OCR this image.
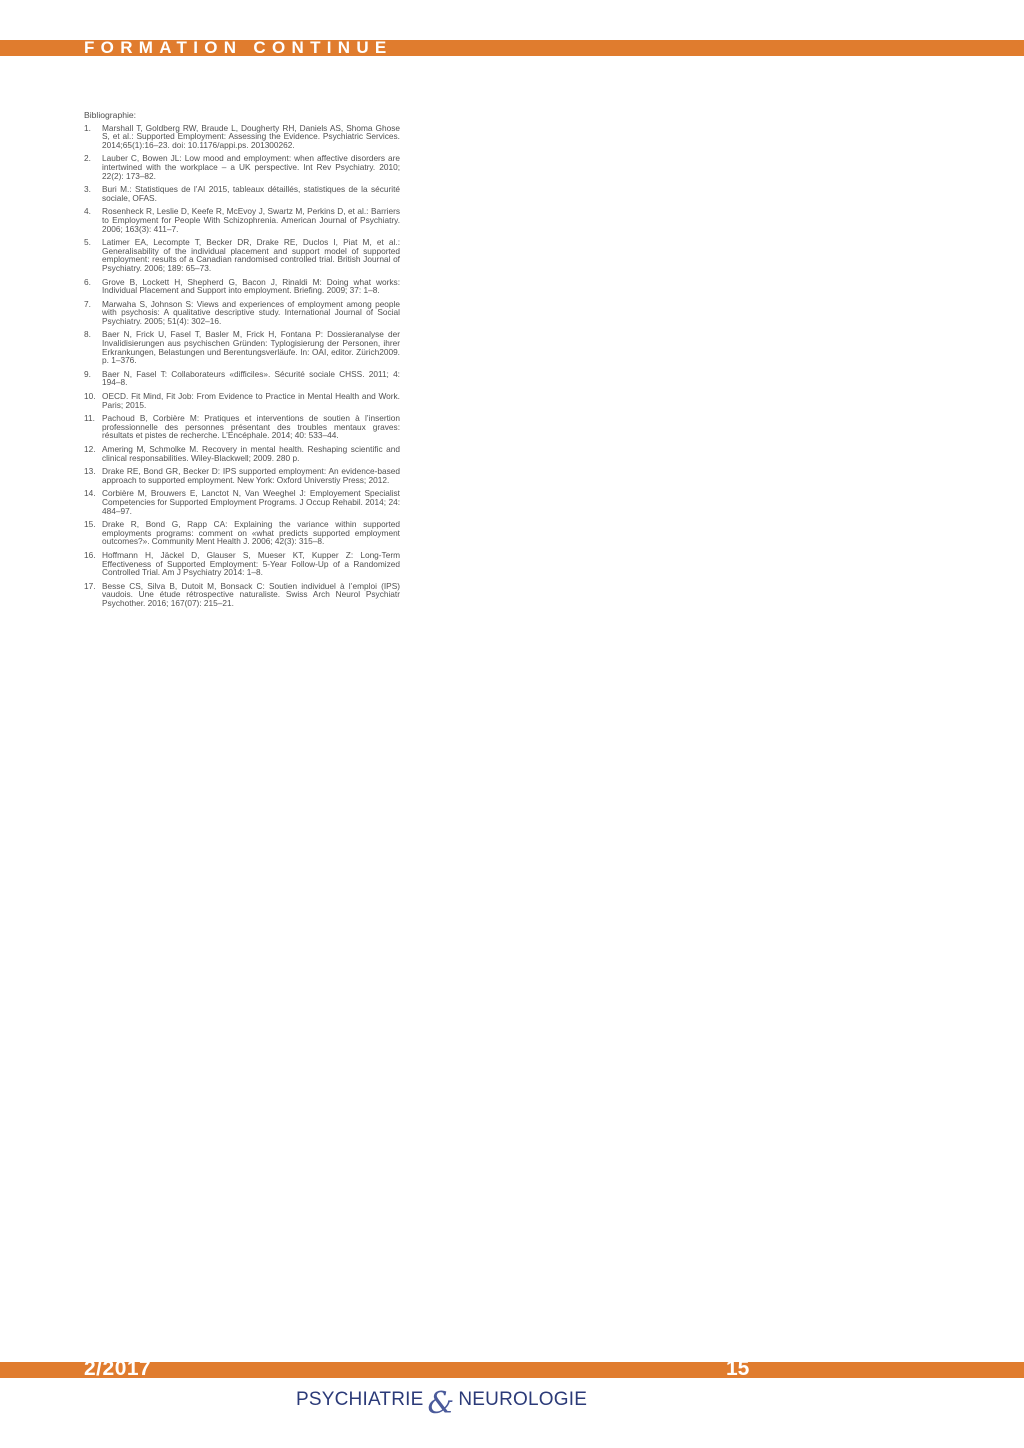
FORMATION CONTINUE

Bibliographie:

1.	Marshall T, Goldberg RW, Braude L, Dougherty RH, Daniels AS, Shoma Ghose S, et al.: Supported Employment: Assessing the Evidence. Psychiatric Services. 2014;65(1):16–23. doi: 10.1176/appi.ps. 201300262.
2.	Lauber C, Bowen JL: Low mood and employment: when affective disorders are intertwined with the workplace – a UK perspective. Int Rev Psychiatry. 2010; 22(2): 173–82.
3.	Buri M.: Statistiques de l’AI 2015, tableaux détaillés, statistiques de la sécurité sociale, OFAS.
4.	Rosenheck R, Leslie D, Keefe R, McEvoy J, Swartz M, Perkins D, et al.: Barriers to Employment for People With Schizophrenia. American Journal of Psychiatry. 2006; 163(3): 411–7.
5.	Latimer EA, Lecompte T, Becker DR, Drake RE, Duclos I, Piat M, et al.: Generalisability of the individual placement and support model of supported employment: results of a Canadian randomised controlled trial. British Journal of Psychiatry. 2006; 189: 65–73.
6.	Grove B, Lockett H, Shepherd G, Bacon J, Rinaldi M: Doing what works: Individual Placement and Support into employment. Briefing. 2009; 37: 1–8.
7.	Marwaha S, Johnson S: Views and experiences of employment among people with psychosis: A qualitative descriptive study. International Journal of Social Psychiatry. 2005; 51(4): 302–16.
8.	Baer N, Frick U, Fasel T, Basler M, Frick H, Fontana P: Dossieranalyse der Invalidisierungen aus psychischen Gründen: Typlogisierung der Personen, ihrer Erkrankungen, Belastungen und Berentungsverläufe. In: OAI, editor. Zürich2009. p. 1–376.
9.	Baer N, Fasel T: Collaborateurs «difficiles». Sécurité sociale CHSS. 2011; 4: 194–8.
10. OECD. Fit Mind, Fit Job: From Evidence to Practice in Mental Health and Work. Paris; 2015.
11. Pachoud B, Corbière M: Pratiques et interventions de soutien à l’insertion professionnelle des personnes présentant des troubles mentaux graves: résultats et pistes de recherche. L’Encéphale. 2014; 40: 533–44.
12. Amering M, Schmolke M. Recovery in mental health. Reshaping scientific and clinical responsabilities. Wiley-Blackwell; 2009. 280 p.
13. Drake RE, Bond GR, Becker D: IPS supported employment: An evidence-based approach to supported employment. New York: Oxford Universtiy Press; 2012.
14. Corbière M, Brouwers E, Lanctot N, Van Weeghel J: Employement Specialist Competencies for Supported Employment Programs. J Occup Rehabil. 2014; 24: 484–97.
15. Drake R, Bond G, Rapp CA: Explaining the variance within supported employments programs: comment on «what predicts supported employment outcomes?». Community Ment Health J. 2006; 42(3): 315–8.
16. Hoffmann H, Jäckel D, Glauser S, Mueser KT, Kupper Z: Long-Term Effectiveness of Supported Employment: 5-Year Follow-Up of a Randomized Controlled Trial. Am J Psychiatry 2014: 1–8.
17. Besse CS, Silva B, Dutoit M, Bonsack C: Soutien individuel à l’emploi (IPS) vaudois. Une étude rétrospective naturaliste. Swiss Arch Neurol Psychiatr Psychother. 2016; 167(07): 215–21.
2/2017	15
PSYCHIATRIE & NEUROLOGIE
